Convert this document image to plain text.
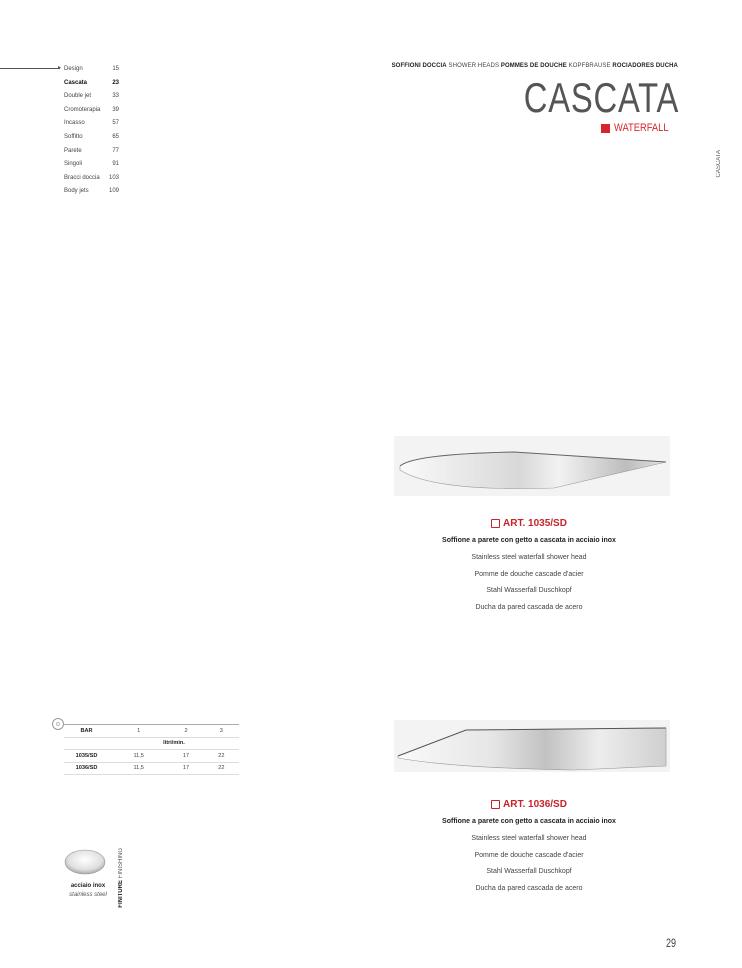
▸ Design	15
Cascata	23
Double jet	33
Cromoterapia 39
Incasso	57
Soffitto	65
Parete	77
Singoli	91
Bracci doccia 103
Body jets	109
SOFFIONI DOCCIA SHOWER HEADS POMMES DE DOUCHE KOPFBRAUSE ROCIADORES DUCHA
CASCATA
WATERFALL
CASCATA
ART. 1035/SD
Soffione a parete con getto a cascata in acciaio inox
Stainless steel waterfall shower head
Pomme de douche cascade d'acier
Stahl Wasserfall Duschkopf
Ducha da pared cascada de acero
ART. 1036/SD
Soffione a parete con getto a cascata in acciaio inox
Stainless steel waterfall shower head
Pomme de douche cascade d'acier
Stahl Wasserfall Duschkopf
Ducha da pared cascada de acero
⊙
BAR	1	2	3
	litri/min.		
1035/SD	11,5	17	22
1036/SD	11,5	17	22
acciaio inox
stainless steel	FINITURE FINISHING
29
